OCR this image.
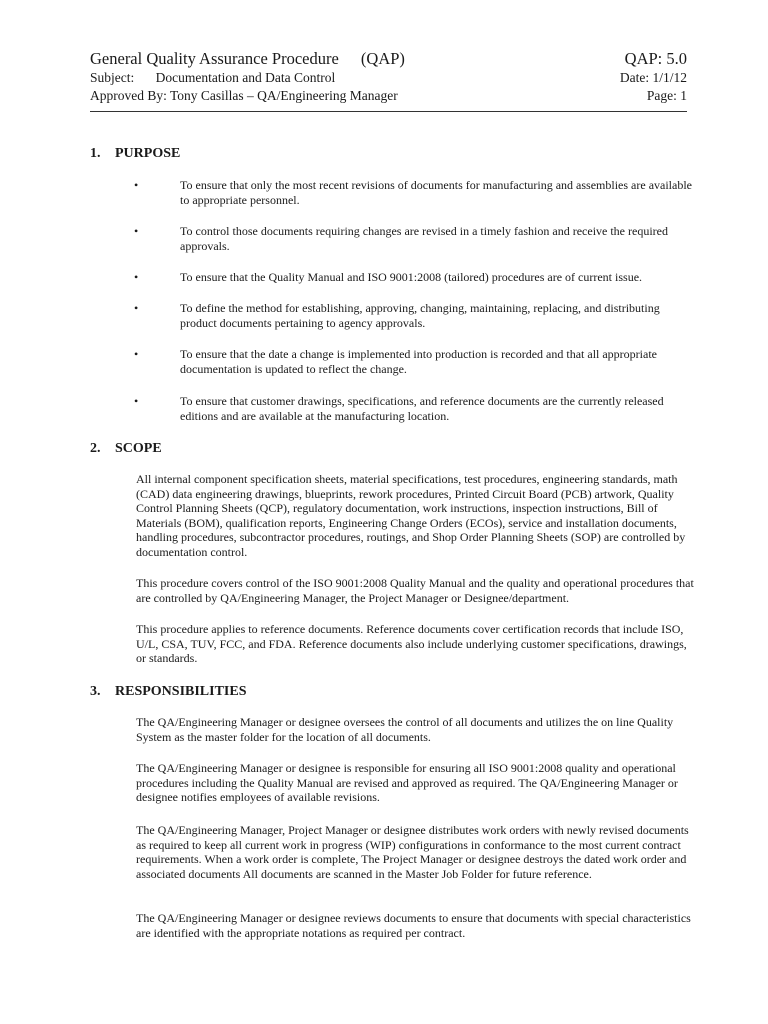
General Quality Assurance Procedure (QAP)	QAP: 5.0
Subject: Documentation and Data Control	Date: 1/1/12
Approved By: Tony Casillas – QA/Engineering Manager	Page: 1
1. PURPOSE
•	To ensure that only the most recent revisions of documents for manufacturing and assemblies are available to appropriate personnel.
•	To control those documents requiring changes are revised in a timely fashion and receive the required approvals.
•	To ensure that the Quality Manual and ISO 9001:2008 (tailored) procedures are of current issue.
•	To define the method for establishing, approving, changing, maintaining, replacing, and distributing product documents pertaining to agency approvals.
•	To ensure that the date a change is implemented into production is recorded and that all appropriate documentation is updated to reflect the change.
•	To ensure that customer drawings, specifications, and reference documents are the currently released editions and are available at the manufacturing location.
2. SCOPE
All internal component specification sheets, material specifications, test procedures, engineering standards, math (CAD) data engineering drawings, blueprints, rework procedures, Printed Circuit Board (PCB) artwork, Quality Control Planning Sheets (QCP), regulatory documentation, work instructions, inspection instructions, Bill of Materials (BOM), qualification reports, Engineering Change Orders (ECOs), service and installation documents, handling procedures, subcontractor procedures, routings, and Shop Order Planning Sheets (SOP) are controlled by documentation control.
This procedure covers control of the ISO 9001:2008 Quality Manual and the quality and operational procedures that are controlled by QA/Engineering Manager, the Project Manager or Designee/department.
This procedure applies to reference documents. Reference documents cover certification records that include ISO, U/L, CSA, TUV, FCC, and FDA. Reference documents also include underlying customer specifications, drawings, or standards.
3. RESPONSIBILITIES
The QA/Engineering Manager or designee oversees the control of all documents and utilizes the on line Quality System as the master folder for the location of all documents.
The QA/Engineering Manager or designee is responsible for ensuring all ISO 9001:2008 quality and operational procedures including the Quality Manual are revised and approved as required. The QA/Engineering Manager or designee notifies employees of available revisions.
The QA/Engineering Manager, Project Manager or designee distributes work orders with newly revised documents as required to keep all current work in progress (WIP) configurations in conformance to the most current contract requirements. When a work order is complete, The Project Manager or designee destroys the dated work order and associated documents All documents are scanned in the Master Job Folder for future reference.
The QA/Engineering Manager or designee reviews documents to ensure that documents with special characteristics are identified with the appropriate notations as required per contract.
